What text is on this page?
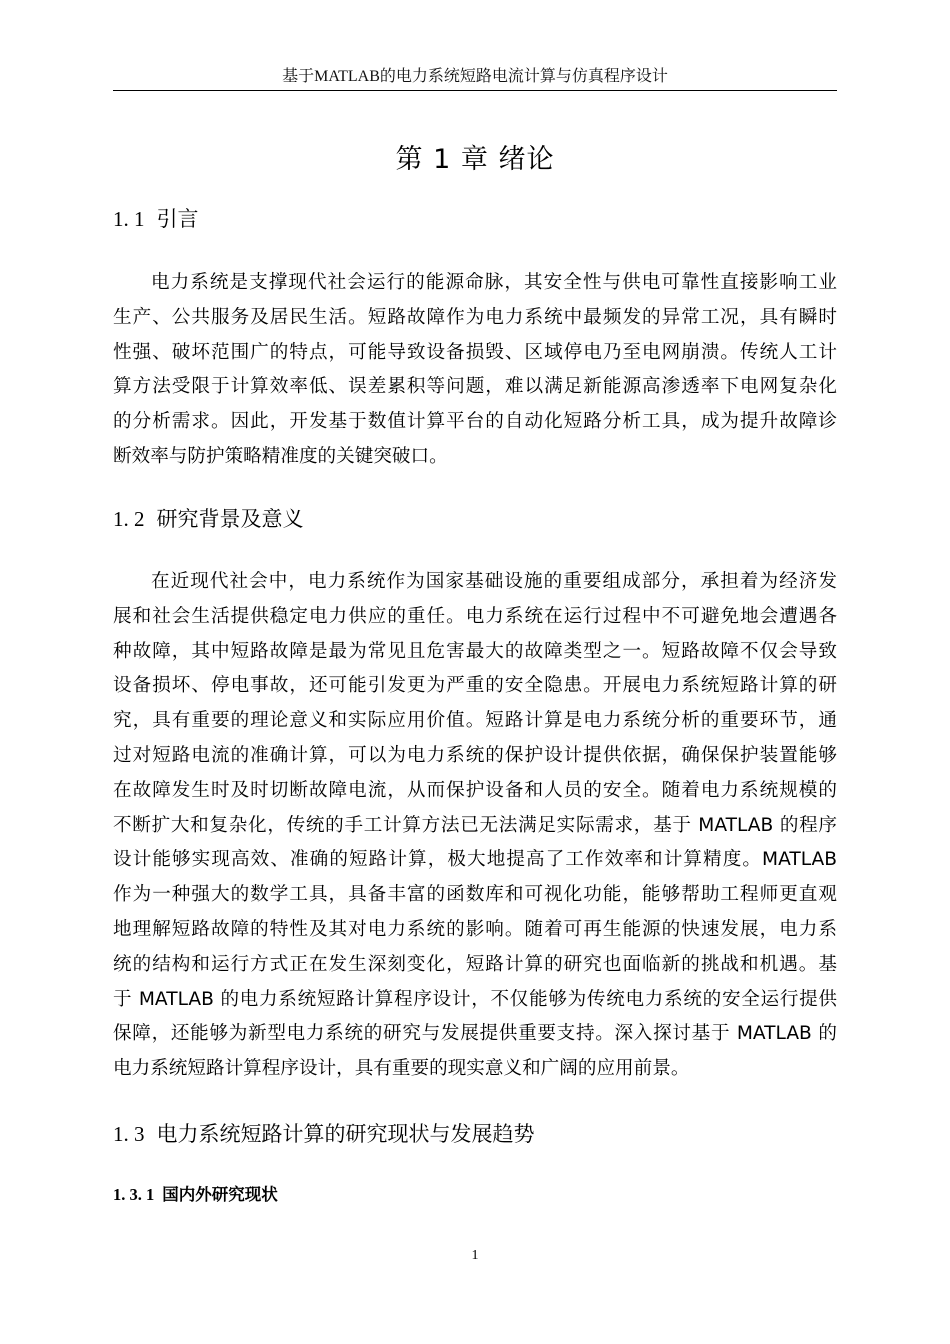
基于MATLAB的电力系统短路电流计算与仿真程序设计
第 1 章 绪论
1. 1 引言
电力系统是支撑现代社会运行的能源命脉，其安全性与供电可靠性直接影响工业
生产、公共服务及居民生活。短路故障作为电力系统中最频发的异常工况，具有瞬时
性强、破坏范围广的特点，可能导致设备损毁、区域停电乃至电网崩溃。传统人工计
算方法受限于计算效率低、误差累积等问题，难以满足新能源高渗透率下电网复杂化
的分析需求。因此，开发基于数值计算平台的自动化短路分析工具，成为提升故障诊
断效率与防护策略精准度的关键突破口。
1. 2 研究背景及意义
在近现代社会中，电力系统作为国家基础设施的重要组成部分，承担着为经济发
展和社会生活提供稳定电力供应的重任。电力系统在运行过程中不可避免地会遭遇各
种故障，其中短路故障是最为常见且危害最大的故障类型之一。短路故障不仅会导致
设备损坏、停电事故，还可能引发更为严重的安全隐患。开展电力系统短路计算的研
究，具有重要的理论意义和实际应用价值。短路计算是电力系统分析的重要环节，通
过对短路电流的准确计算，可以为电力系统的保护设计提供依据，确保保护装置能够
在故障发生时及时切断故障电流，从而保护设备和人员的安全。随着电力系统规模的
不断扩大和复杂化，传统的手工计算方法已无法满足实际需求，基于 MATLAB 的程序
设计能够实现高效、准确的短路计算，极大地提高了工作效率和计算精度。MATLAB
作为一种强大的数学工具，具备丰富的函数库和可视化功能，能够帮助工程师更直观
地理解短路故障的特性及其对电力系统的影响。随着可再生能源的快速发展，电力系
统的结构和运行方式正在发生深刻变化，短路计算的研究也面临新的挑战和机遇。基
于 MATLAB 的电力系统短路计算程序设计，不仅能够为传统电力系统的安全运行提供
保障，还能够为新型电力系统的研究与发展提供重要支持。深入探讨基于 MATLAB 的
电力系统短路计算程序设计，具有重要的现实意义和广阔的应用前景。
1. 3 电力系统短路计算的研究现状与发展趋势
1. 3. 1 国内外研究现状
1
